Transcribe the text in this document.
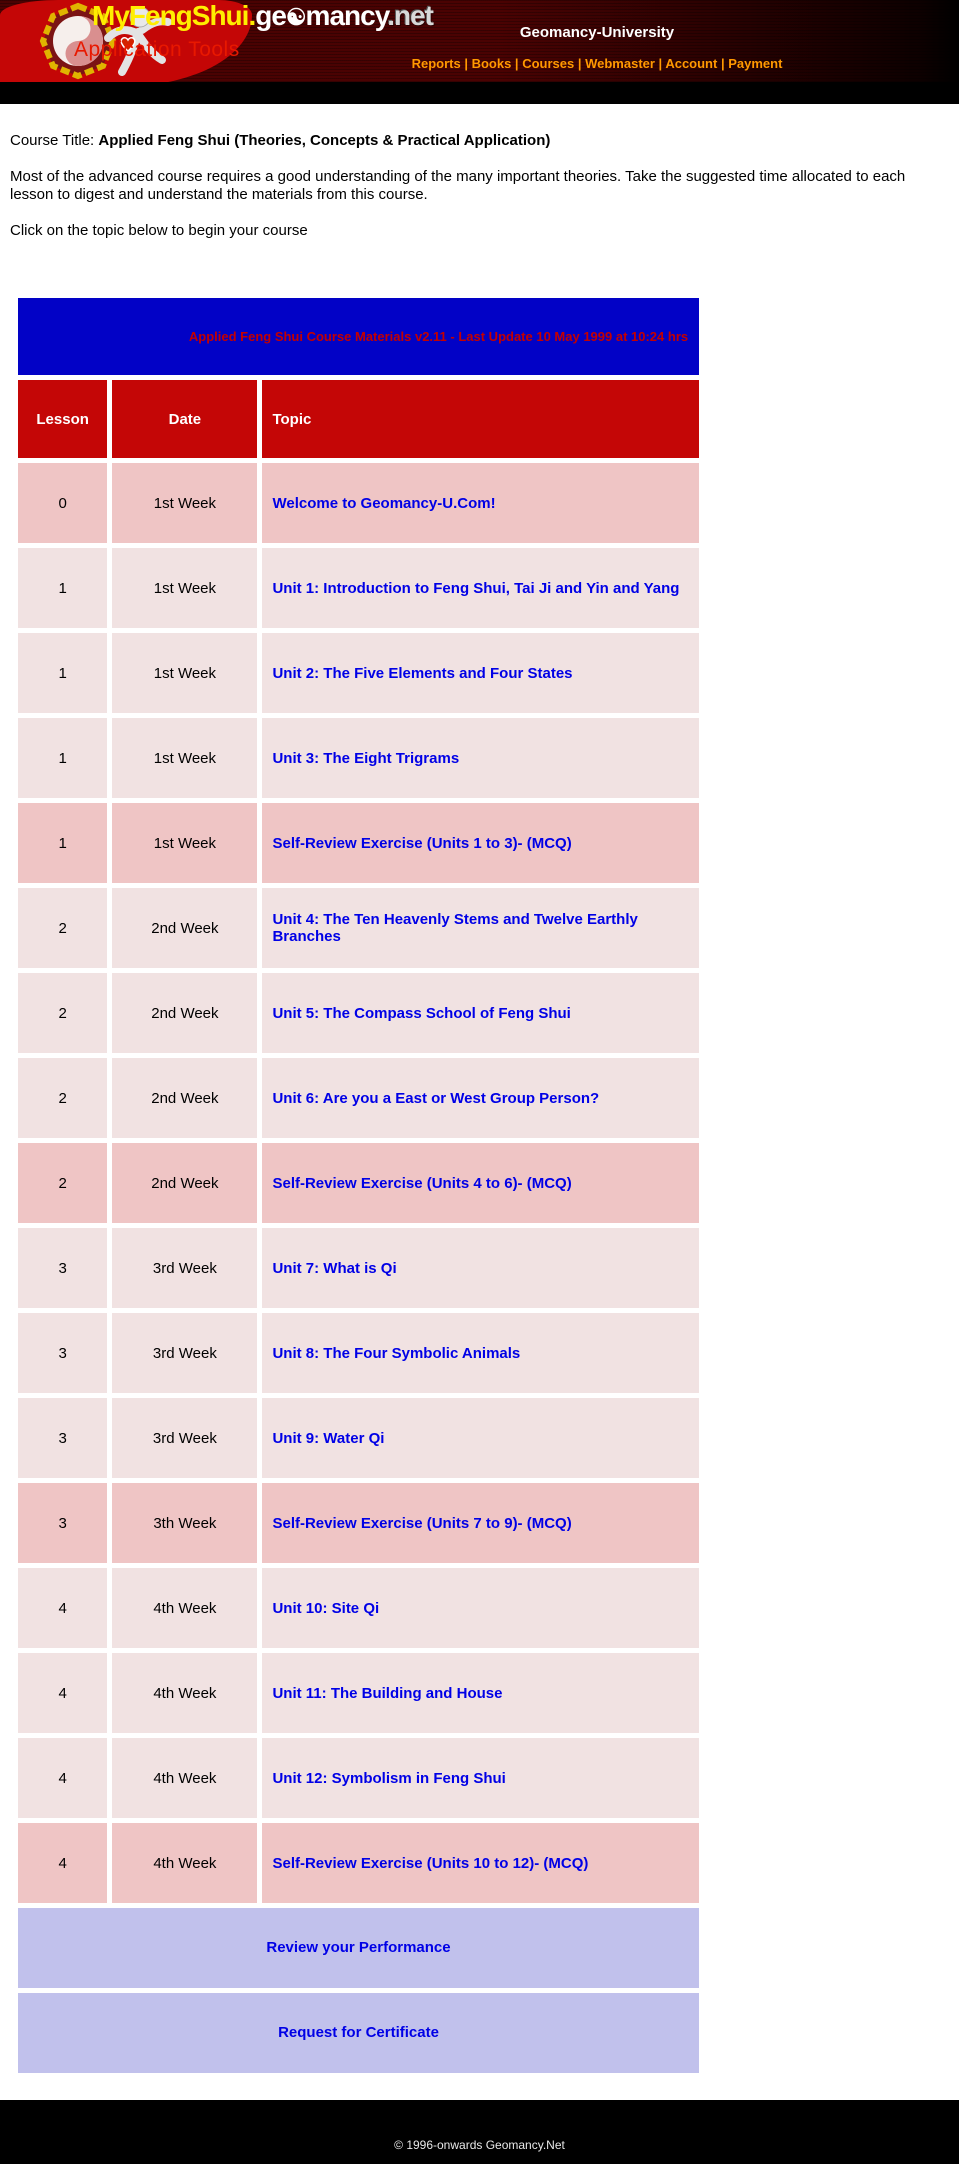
MyFengShui.ge☯mancy.net
Application Tools
Geomancy-University
Reports | Books | Courses | Webmaster | Account | Payment

Course Title: Applied Feng Shui (Theories, Concepts & Practical Application)

Most of the advanced course requires a good understanding of the many important theories. Take the suggested time allocated to each lesson to digest and understand the materials from this course.

Click on the topic below to begin your course

Applied Feng Shui Course Materials v2.11 - Last Update 10 May 1999 at 10:24 hrs		
Lesson	Date	Topic
0	1st Week	Welcome to Geomancy-U.Com!
1	1st Week	Unit 1: Introduction to Feng Shui, Tai Ji and Yin and Yang
1	1st Week	Unit 2: The Five Elements and Four States
1	1st Week	Unit 3: The Eight Trigrams
1	1st Week	Self-Review Exercise (Units 1 to 3)- (MCQ)
2	2nd Week	Unit 4: The Ten Heavenly Stems and Twelve Earthly Branches
2	2nd Week	Unit 5: The Compass School of Feng Shui
2	2nd Week	Unit 6: Are you a East or West Group Person?
2	2nd Week	Self-Review Exercise (Units 4 to 6)- (MCQ)
3	3rd Week	Unit 7: What is Qi
3	3rd Week	Unit 8: The Four Symbolic Animals
3	3rd Week	Unit 9: Water Qi
3	3th Week	Self-Review Exercise (Units 7 to 9)- (MCQ)
4	4th Week	Unit 10: Site Qi
4	4th Week	Unit 11: The Building and House
4	4th Week	Unit 12: Symbolism in Feng Shui
4	4th Week	Self-Review Exercise (Units 10 to 12)- (MCQ)
Review your Performance		
Request for Certificate		
© 1996-onwards Geomancy.Net
